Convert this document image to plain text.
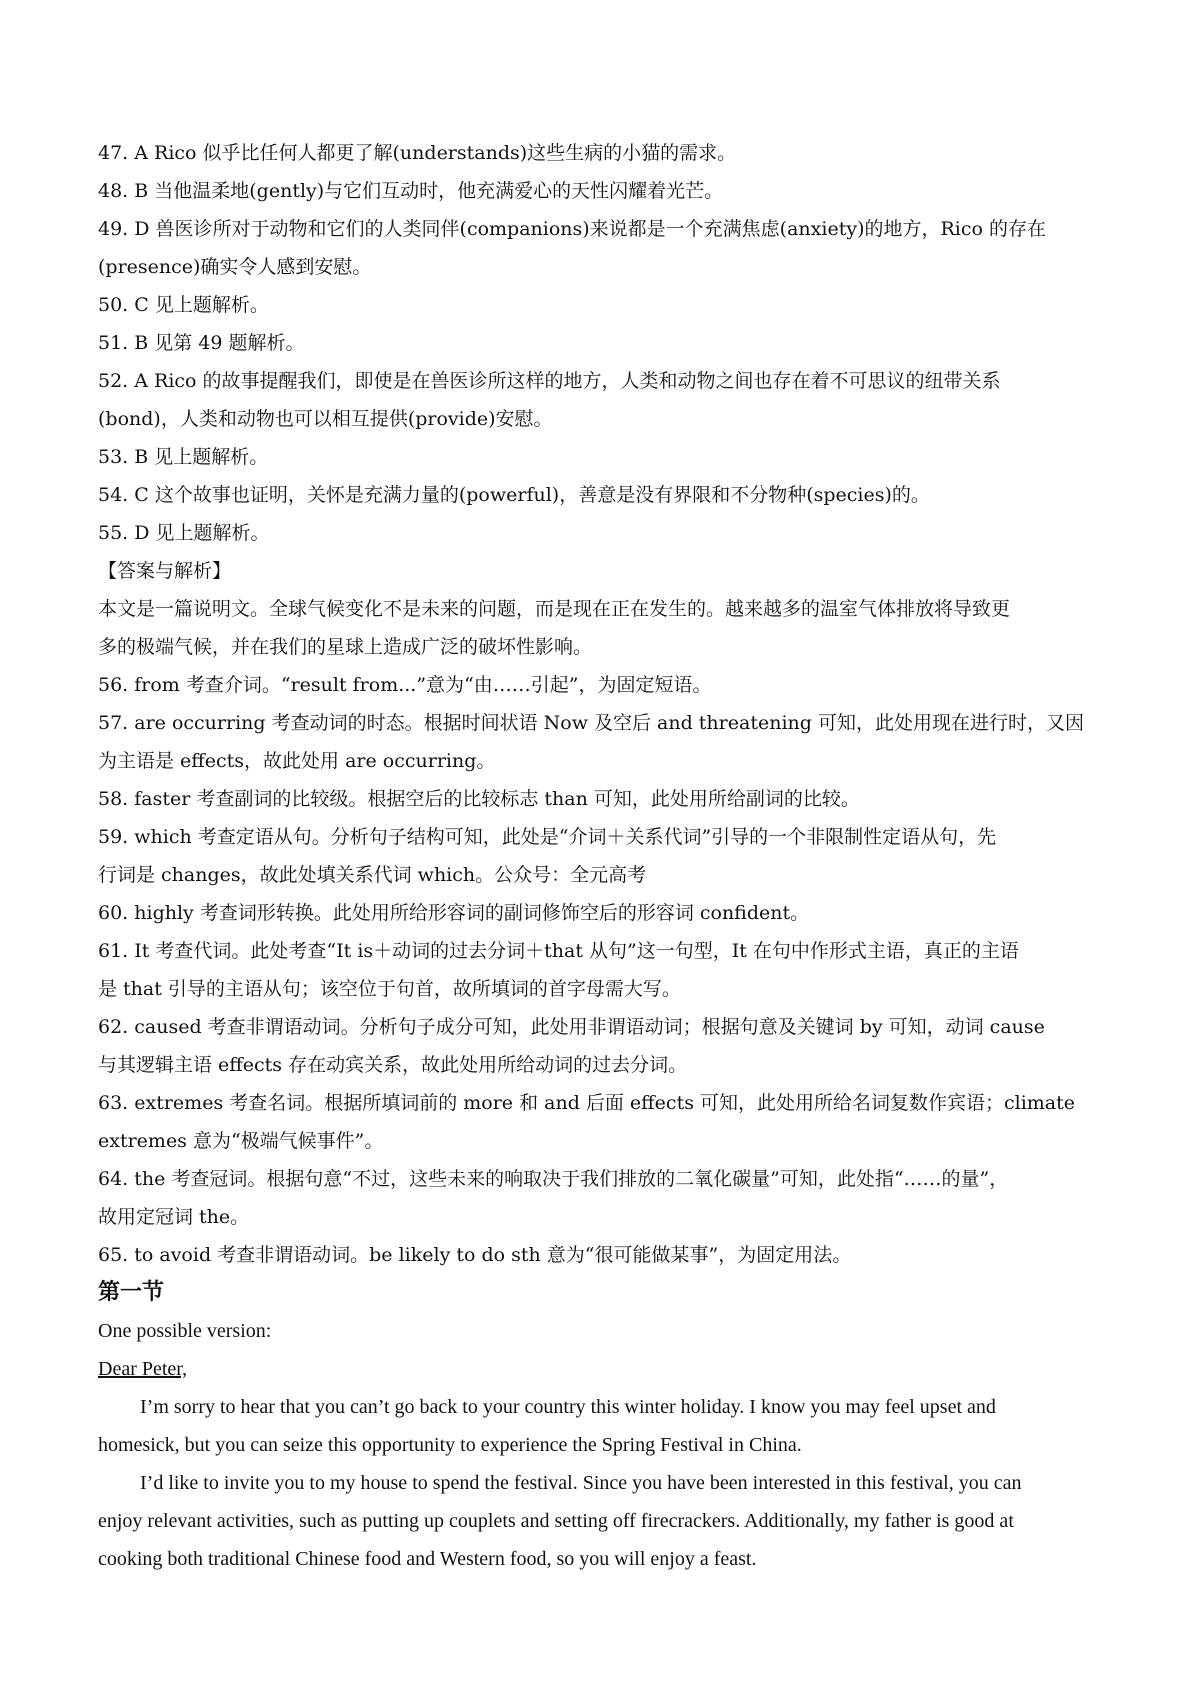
47. A Rico 似乎比任何人都更了解(understands)这些生病的小猫的需求。
48. B 当他温柔地(gently)与它们互动时，他充满爱心的天性闪耀着光芒。
49. D 兽医诊所对于动物和它们的人类同伴(companions)来说都是一个充满焦虑(anxiety)的地方，Rico 的存在
(presence)确实令人感到安慰。
50. C 见上题解析。
51. B 见第 49 题解析。
52. A Rico 的故事提醒我们，即使是在兽医诊所这样的地方，人类和动物之间也存在着不可思议的纽带关系
(bond)，人类和动物也可以相互提供(provide)安慰。
53. B 见上题解析。
54. C 这个故事也证明，关怀是充满力量的(powerful)，善意是没有界限和不分物种(species)的。
55. D 见上题解析。
【答案与解析】
本文是一篇说明文。全球气候变化不是未来的问题，而是现在正在发生的。越来越多的温室气体排放将导致更
多的极端气候，并在我们的星球上造成广泛的破坏性影响。
56. from 考查介词。“result from...”意为“由……引起”，为固定短语。
57. are occurring 考查动词的时态。根据时间状语 Now 及空后 and threatening 可知，此处用现在进行时，又因
为主语是 effects，故此处用 are occurring。
58. faster 考查副词的比较级。根据空后的比较标志 than 可知，此处用所给副词的比较。
59. which 考查定语从句。分析句子结构可知，此处是“介词＋关系代词”引导的一个非限制性定语从句，先
行词是 changes，故此处填关系代词 which。公众号：全元高考
60. highly 考查词形转换。此处用所给形容词的副词修饰空后的形容词 confident。
61. It 考查代词。此处考查“It is＋动词的过去分词＋that 从句”这一句型，It 在句中作形式主语，真正的主语
是 that 引导的主语从句；该空位于句首，故所填词的首字母需大写。
62. caused 考查非谓语动词。分析句子成分可知，此处用非谓语动词；根据句意及关键词 by 可知，动词 cause
与其逻辑主语 effects 存在动宾关系，故此处用所给动词的过去分词。
63. extremes 考查名词。根据所填词前的 more 和 and 后面 effects 可知，此处用所给名词复数作宾语；climate
extremes 意为“极端气候事件”。
64. the 考查冠词。根据句意“不过，这些未来的响取决于我们排放的二氧化碳量”可知，此处指“……的量”，
故用定冠词 the。
65. to avoid 考查非谓语动词。be likely to do sth 意为“很可能做某事”，为固定用法。
第一节
One possible version:
Dear Peter,
I’m sorry to hear that you can’t go back to your country this winter holiday. I know you may feel upset and
homesick, but you can seize this opportunity to experience the Spring Festival in China.
I’d like to invite you to my house to spend the festival. Since you have been interested in this festival, you can
enjoy relevant activities, such as putting up couplets and setting off firecrackers. Additionally, my father is good at
cooking both traditional Chinese food and Western food, so you will enjoy a feast.
